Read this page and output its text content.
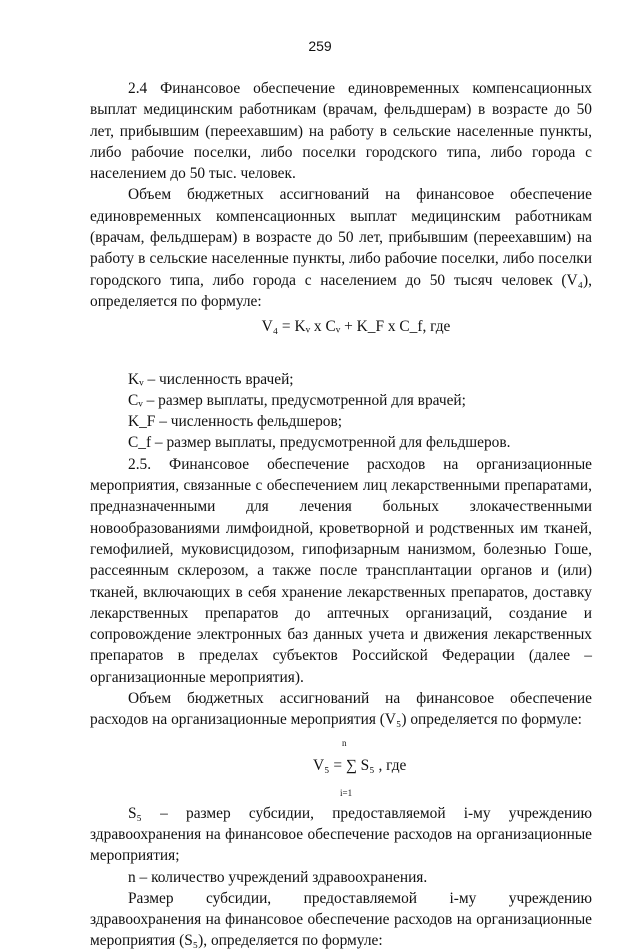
259

2.4 Финансовое обеспечение единовременных компенсационных выплат медицинским работникам (врачам, фельдшерам) в возрасте до 50 лет, прибывшим (переехавшим) на работу в сельские населенные пункты, либо рабочие поселки, либо поселки городского типа, либо города с населением до 50 тыс. человек.

Объем бюджетных ассигнований на финансовое обеспечение единовременных компенсационных выплат медицинским работникам (врачам, фельдшерам) в возрасте до 50 лет, прибывшим (переехавшим) на работу в сельские населенные пункты, либо рабочие поселки, либо поселки городского типа, либо города с населением до 50 тысяч человек (V₄), определяется по формуле:

V₄ = Kᵥ x Cᵥ + K_F x C_f, где

Kᵥ – численность врачей;

Cᵥ – размер выплаты, предусмотренной для врачей;

K_F – численность фельдшеров;

C_f – размер выплаты, предусмотренной для фельдшеров.

2.5. Финансовое обеспечение расходов на организационные мероприятия, связанные с обеспечением лиц лекарственными препаратами, предназначенными для лечения больных злокачественными новообразованиями лимфоидной, кроветворной и родственных им тканей, гемофилией, муковисцидозом, гипофизарным нанизмом, болезнью Гоше, рассеянным склерозом, а также после трансплантации органов и (или) тканей, включающих в себя хранение лекарственных препаратов, доставку лекарственных препаратов до аптечных организаций, создание и сопровождение электронных баз данных учета и движения лекарственных препаратов в пределах субъектов Российской Федерации (далее – организационные мероприятия).

Объем бюджетных ассигнований на финансовое обеспечение расходов на организационные мероприятия (V₅) определяется по формуле:

n
V₅ = ∑ S₅ , где
i=1

S₅ – размер субсидии, предоставляемой i-му учреждению здравоохранения на финансовое обеспечение расходов на организационные мероприятия;

n – количество учреждений здравоохранения.

Размер субсидии, предоставляемой i-му учреждению здравоохранения на финансовое обеспечение расходов на организационные мероприятия (S₅), определяется по формуле:
